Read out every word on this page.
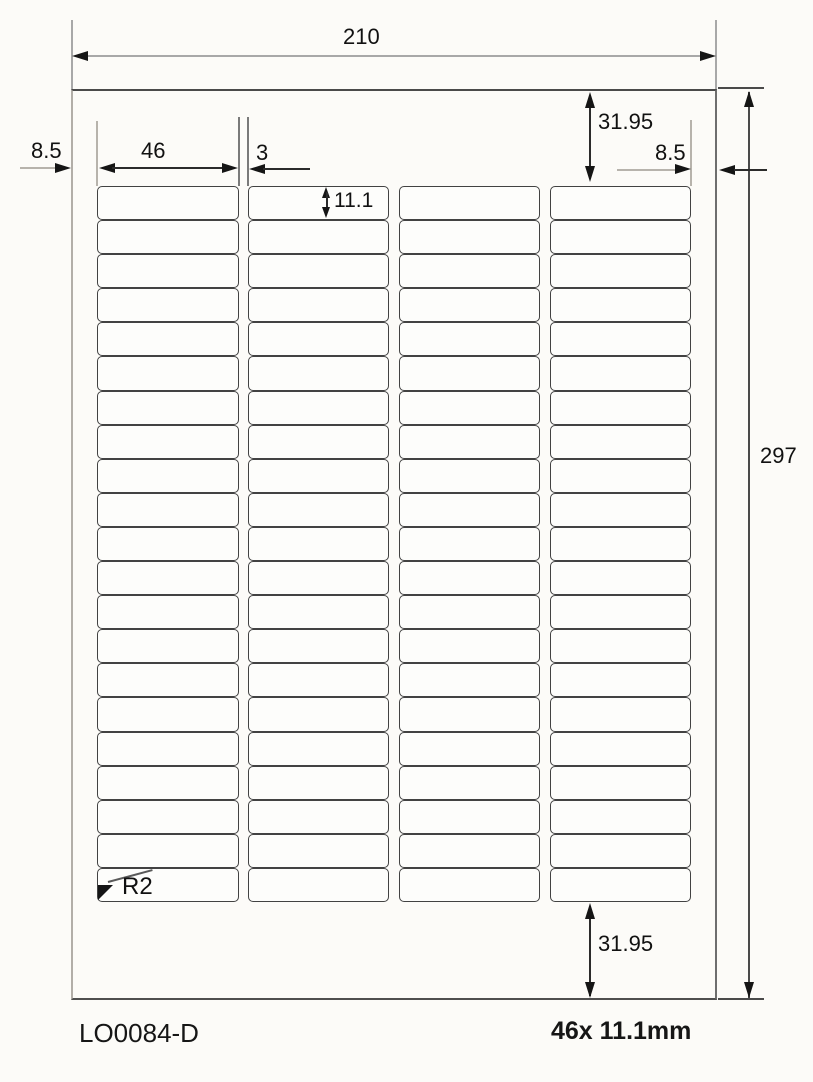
210
297
31.95
31.95
8.5	46	3	8.5
11.1
R2
LO0084-D	46x 11.1mm
